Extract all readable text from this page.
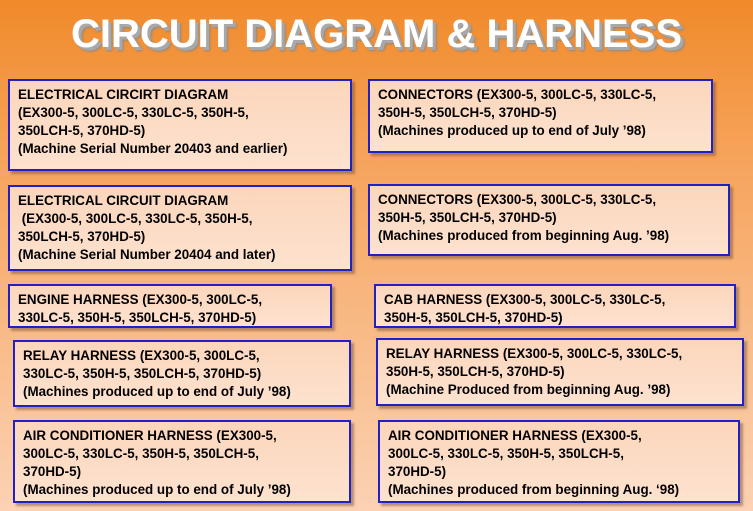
CIRCUIT DIAGRAM & HARNESS
ELECTRICAL CIRCIRT DIAGRAM
(EX300-5, 300LC-5, 330LC-5, 350H-5,
350LCH-5, 370HD-5)
(Machine Serial Number 20403 and earlier)
CONNECTORS (EX300-5, 300LC-5, 330LC-5,
350H-5, 350LCH-5, 370HD-5)
(Machines produced up to end of July ’98)
ELECTRICAL CIRCUIT DIAGRAM
(EX300-5, 300LC-5, 330LC-5, 350H-5,
350LCH-5, 370HD-5)
(Machine Serial Number 20404 and later)
CONNECTORS (EX300-5, 300LC-5, 330LC-5,
350H-5, 350LCH-5, 370HD-5)
(Machines produced from beginning Aug. ’98)
ENGINE HARNESS (EX300-5, 300LC-5,
330LC-5, 350H-5, 350LCH-5, 370HD-5)
CAB HARNESS (EX300-5, 300LC-5, 330LC-5,
350H-5, 350LCH-5, 370HD-5)
RELAY HARNESS (EX300-5, 300LC-5,
330LC-5, 350H-5, 350LCH-5, 370HD-5)
(Machines produced up to end of July ’98)
RELAY HARNESS (EX300-5, 300LC-5, 330LC-5,
350H-5, 350LCH-5, 370HD-5)
(Machine Produced from beginning Aug. ’98)
AIR CONDITIONER HARNESS (EX300-5,
300LC-5, 330LC-5, 350H-5, 350LCH-5,
370HD-5)
(Machines produced up to end of July ’98)
AIR CONDITIONER HARNESS (EX300-5,
300LC-5, 330LC-5, 350H-5, 350LCH-5,
370HD-5)
(Machines produced from beginning Aug. ‘98)
